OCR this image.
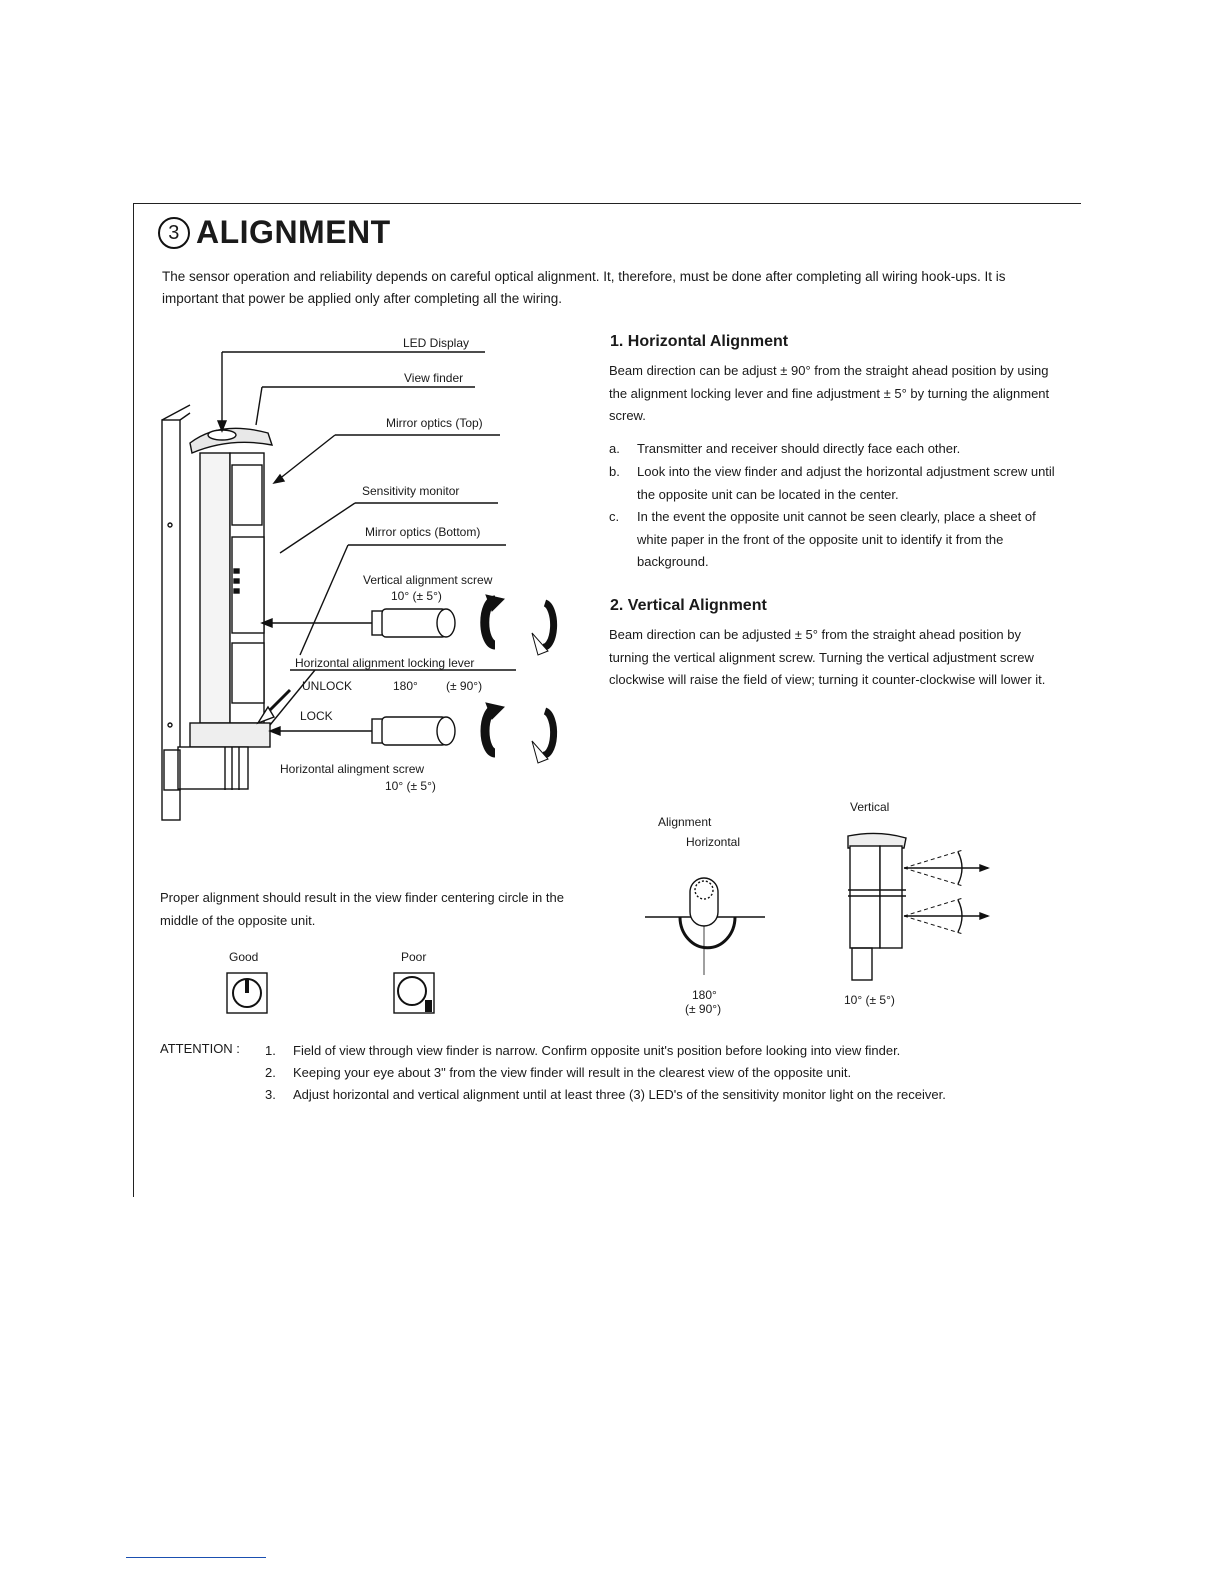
3 ALIGNMENT
The sensor operation and reliability depends on careful optical alignment. It, therefore, must be done after completing all wiring hook-ups. It is important that power be applied only after completing all the wiring.
LED Display
View finder
Mirror optics (Top)
Sensitivity monitor
Mirror optics (Bottom)
Vertical alignment screw
10° (± 5°)
Horizontal alignment locking lever
UNLOCK	180° (± 90°)
LOCK
Horizontal alingment screw
10° (± 5°)
1. Horizontal Alignment
Beam direction can be adjust ± 90° from the straight ahead position by using the alignment locking lever and fine adjustment ± 5° by turning the alignment screw.
a. Transmitter and receiver should directly face each other.
b. Look into the view finder and adjust the horizontal adjustment screw until the opposite unit can be located in the center.
c. In the event the opposite unit cannot be seen clearly, place a sheet of white paper in the front of the opposite unit to identify it from the background.
2. Vertical Alignment
Beam direction can be adjusted ± 5° from the straight ahead position by turning the vertical alignment screw. Turning the vertical adjustment screw clockwise will raise the field of view; turning it counter-clockwise will lower it.
Alignment
Horizontal
Vertical
180°
(± 90°)
10° (± 5°)
Proper alignment should result in the view finder centering circle in the middle of the opposite unit.
Good	Poor
ATTENTION : 1.	Field of view through view finder is narrow. Confirm opposite unit's position before looking into view finder.
2.	Keeping your eye about 3" from the view finder will result in the clearest view of the opposite unit.
3.	Adjust horizontal and vertical alignment until at least three (3) LED's of the sensitivity monitor light on the receiver.
